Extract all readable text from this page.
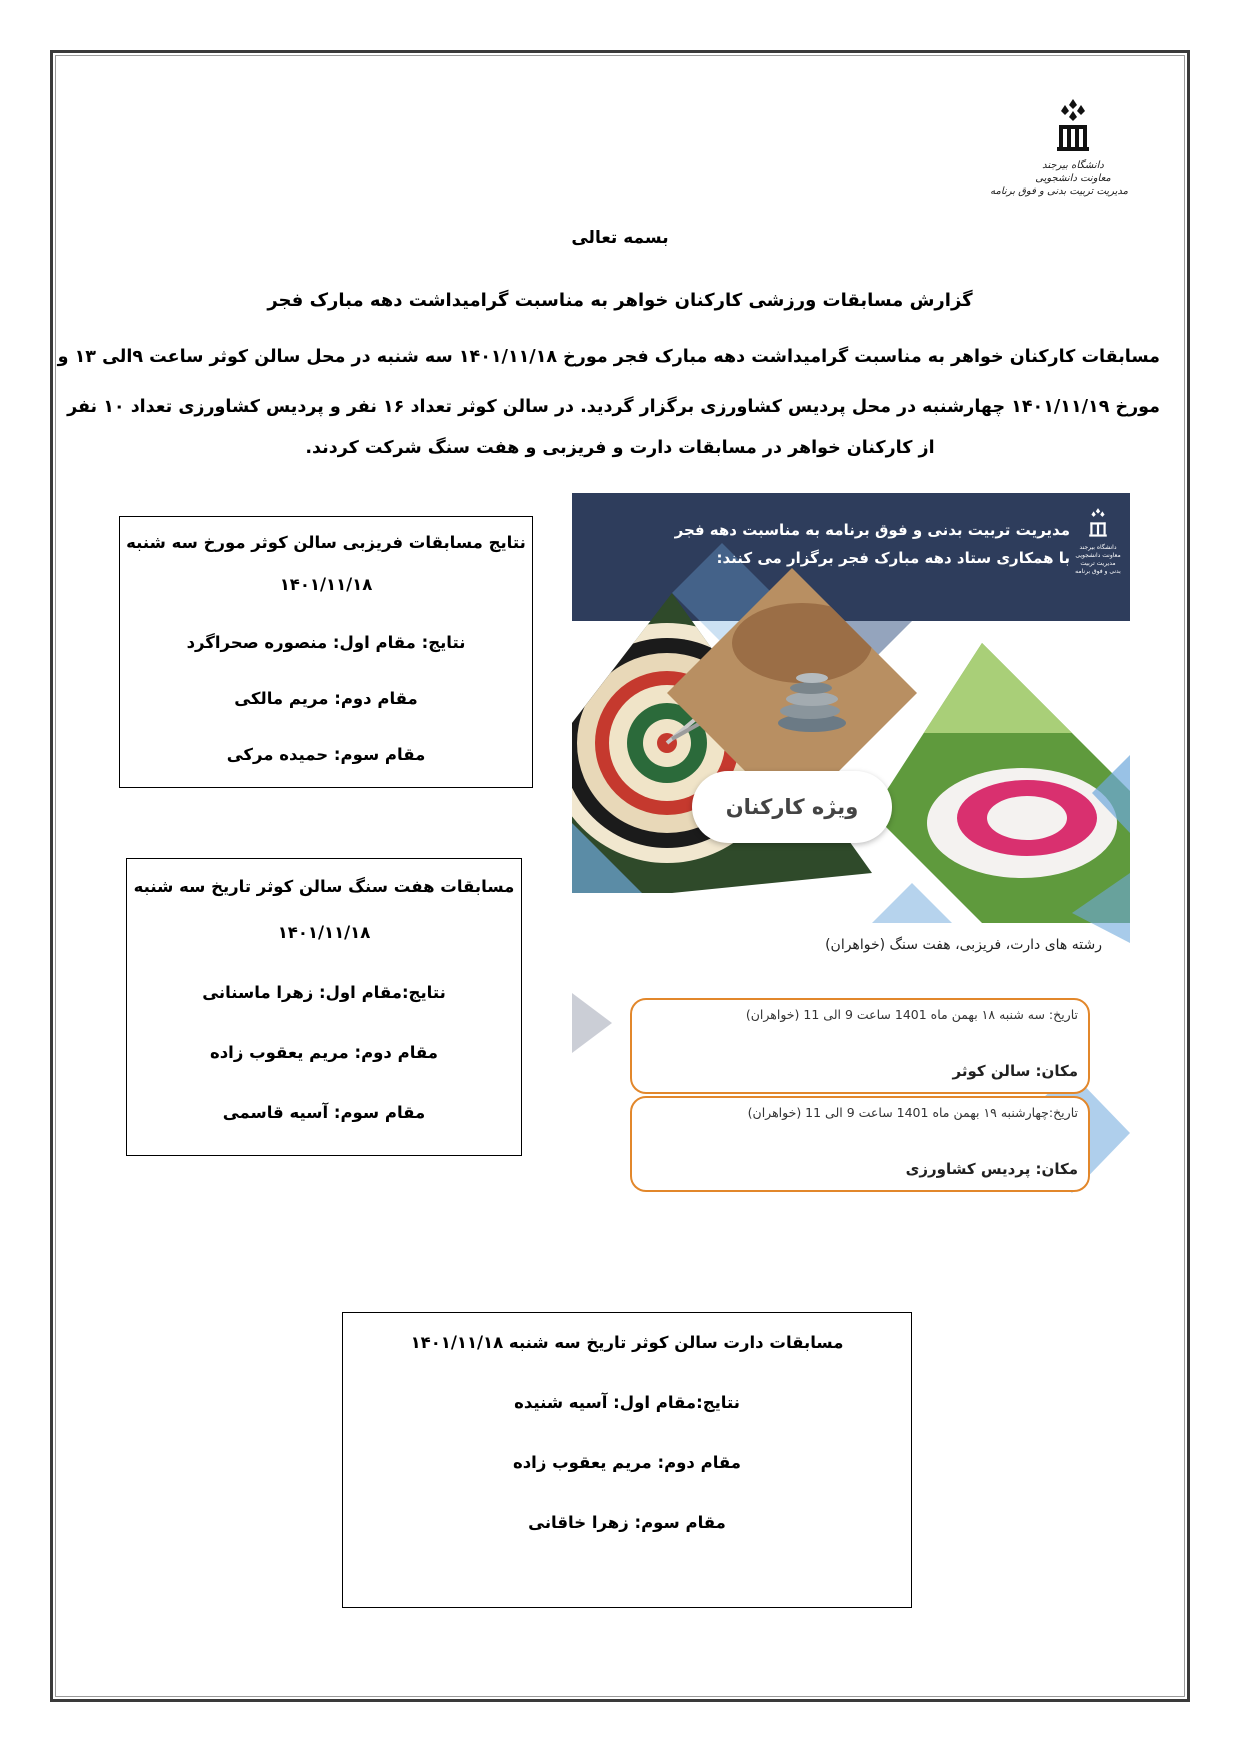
دانشگاه بیرجند
معاونت دانشجویی
مدیریت تربیت بدنی و فوق برنامه
بسمه تعالی
گزارش مسابقات ورزشی کارکنان خواهر به مناسبت گرامیداشت دهه مبارک فجر
مسابقات کارکنان خواهر به مناسبت گرامیداشت دهه مبارک فجر مورخ ۱۴۰۱/۱۱/۱۸ سه شنبه در محل سالن کوثر ساعت ۹الی ۱۳ و
مورخ ۱۴۰۱/۱۱/۱۹ چهارشنبه در محل پردیس کشاورزی برگزار گردید. در سالن کوثر تعداد ۱۶ نفر و پردیس کشاورزی تعداد ۱۰ نفر
از کارکنان خواهر در مسابقات دارت و فریزبی و هفت سنگ شرکت کردند.
نتایج مسابقات فریزبی سالن کوثر مورخ سه شنبه
۱۴۰۱/۱۱/۱۸
نتایج: مقام اول: منصوره صحراگرد
مقام دوم: مریم مالکی
مقام سوم: حمیده مرکی
مسابقات هفت سنگ سالن کوثر تاریخ سه شنبه
۱۴۰۱/۱۱/۱۸
نتایج:مقام اول: زهرا ماسنانی
مقام دوم: مریم یعقوب زاده
مقام سوم: آسیه قاسمی
مسابقات دارت سالن کوثر تاریخ سه شنبه ۱۴۰۱/۱۱/۱۸
نتایج:مقام اول: آسیه شنیده
مقام دوم: مریم یعقوب زاده
مقام سوم: زهرا خاقانی
مدیریت تربیت بدنی و فوق برنامه به مناسبت دهه فجر
با همکاری ستاد دهه مبارک فجر برگزار می کنند:
دانشگاه بیرجند
معاونت دانشجویی
مدیریت تربیت بدنی و فوق برنامه
ویژه کارکنان
رشته های دارت، فریزبی، هفت سنگ (خواهران)
تاریخ: سه شنبه ۱۸ بهمن ماه 1401 ساعت 9 الی 11 (خواهران)
مکان: سالن کوثر
تاریخ:چهارشنبه ۱۹ بهمن ماه 1401 ساعت 9 الی 11 (خواهران)
مکان: پردیس کشاورزی
